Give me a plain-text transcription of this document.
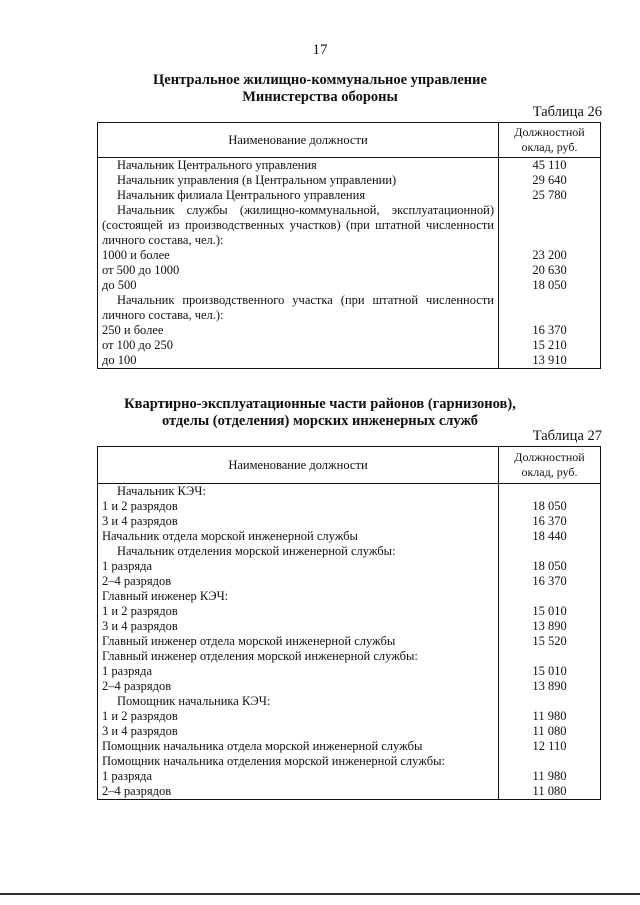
17
Центральное жилищно-коммунальное управление
Министерства обороны
Таблица 26
Наименование должности	Должностной оклад, руб.
Начальник Центрального управления	45 110
Начальник управления (в Центральном управлении)	29 640
Начальник филиала Центрального управления	25 780
Начальник службы (жилищно-коммунальной, эксплуатационной) (состоящей из производственных участков) (при штатной численности личного состава, чел.):	
1000 и более	23 200
от 500 до 1000	20 630
до 500	18 050
Начальник производственного участка (при штатной численности личного состава, чел.):	
250 и более	16 370
от 100 до 250	15 210
до 100	13 910
Квартирно-эксплуатационные части районов (гарнизонов),
отделы (отделения) морских инженерных служб
Таблица 27
Наименование должности	Должностной оклад, руб.
Начальник КЭЧ:	
1 и 2 разрядов	18 050
3 и 4 разрядов	16 370
Начальник отдела морской инженерной службы	18 440
Начальник отделения морской инженерной службы:	
1 разряда	18 050
2–4 разрядов	16 370
Главный инженер КЭЧ:	
1 и 2 разрядов	15 010
3 и 4 разрядов	13 890
Главный инженер отдела морской инженерной службы	15 520
Главный инженер отделения морской инженерной службы:	
1 разряда	15 010
2–4 разрядов	13 890
Помощник начальника КЭЧ:	
1 и 2 разрядов	11 980
3 и 4 разрядов	11 080
Помощник начальника отдела морской инженерной службы	12 110
Помощник начальника отделения морской инженерной службы:	
1 разряда	11 980
2–4 разрядов	11 080
